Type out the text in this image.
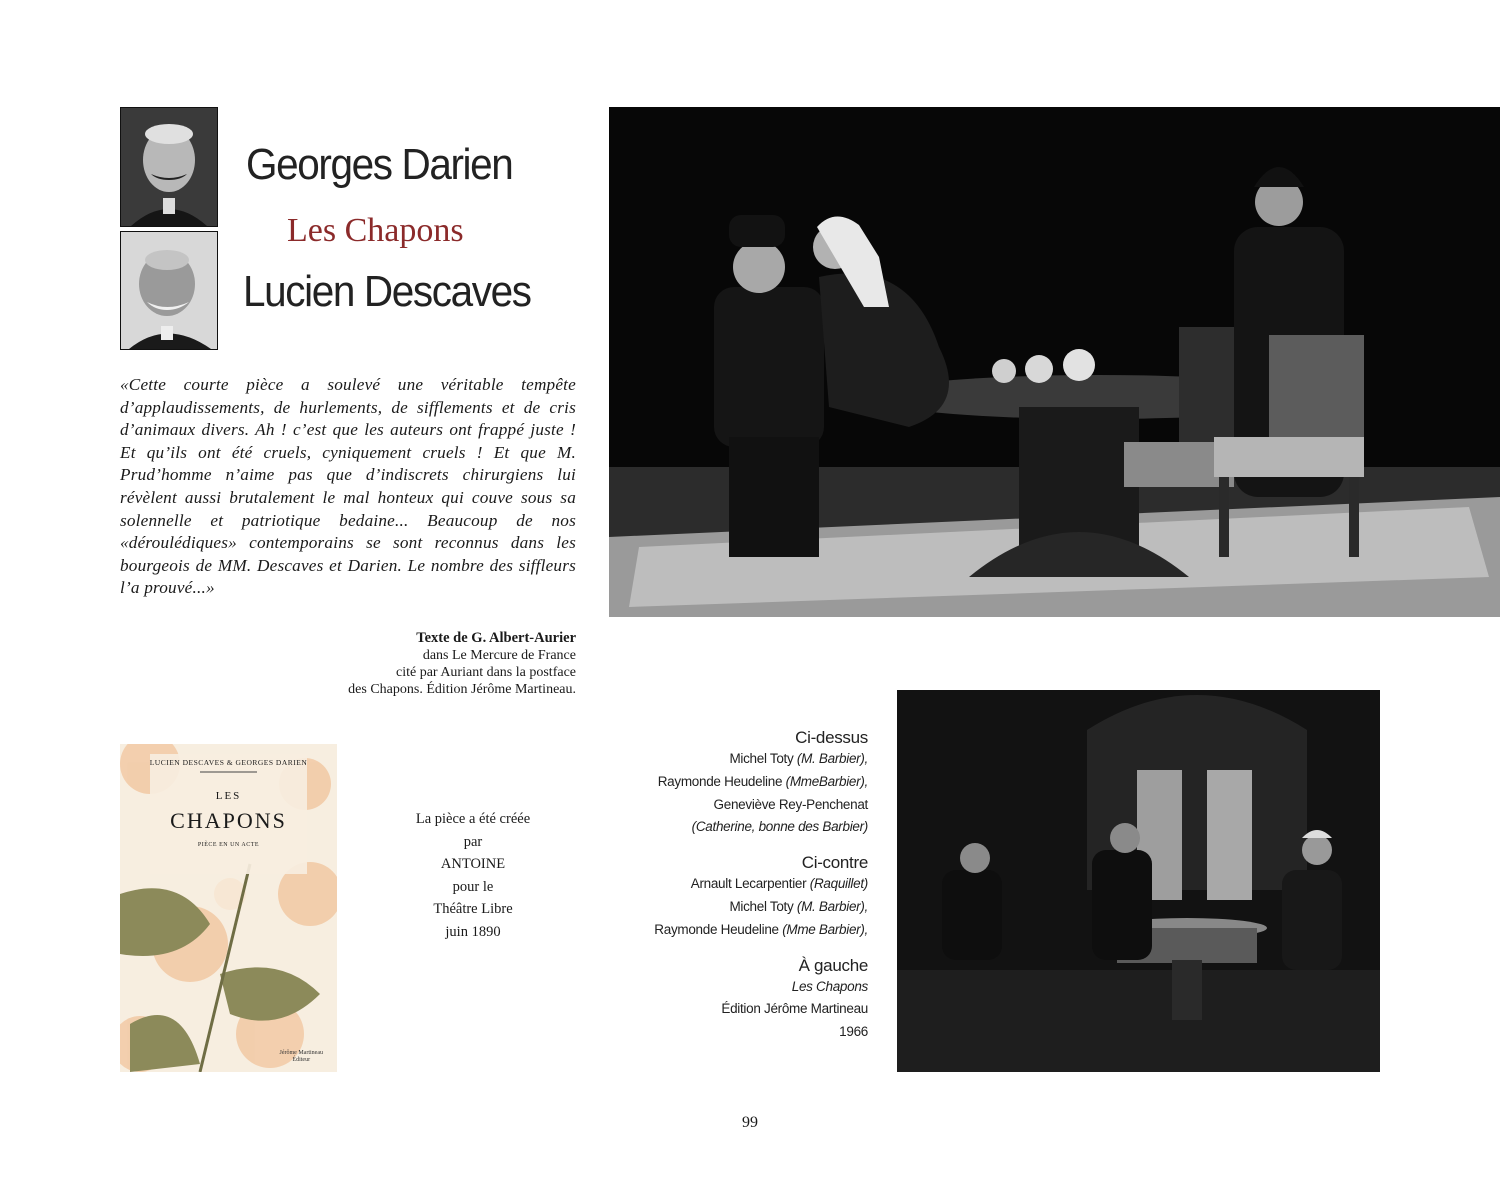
Georges Darien
Les Chapons
Lucien Descaves
«Cette courte pièce a soulevé une véritable tempête d’applaudissements, de hurlements, de sifflements et de cris d’animaux divers. Ah ! c’est que les auteurs ont frappé juste ! Et qu’ils ont été cruels, cyniquement cruels ! Et que M. Prud’homme n’aime pas que d’indiscrets chirurgiens lui révèlent aussi brutalement le mal honteux qui couve sous sa solennelle et patriotique bedaine... Beaucoup de nos «déroulédiques» contemporains se sont reconnus dans les bourgeois de MM. Descaves et Darien. Le nombre des siffleurs l’a prouvé...»
Texte de G. Albert-Aurier
dans Le Mercure de France
cité par Auriant dans la postface
des Chapons. Édition Jérôme Martineau.
LUCIEN DESCAVES & GEORGES DARIEN
LES
CHAPONS
PIÈCE EN UN ACTE
Jérôme Martineau
Éditeur
La pièce a été créée
par
ANTOINE
pour le
Théâtre Libre
juin 1890
Ci-dessus
Michel Toty (M. Barbier),
Raymonde Heudeline (MmeBarbier),
Geneviève Rey-Penchenat
(Catherine, bonne des Barbier)
Ci-contre
Arnault Lecarpentier (Raquillet)
Michel Toty (M. Barbier),
Raymonde Heudeline (Mme Barbier),
À gauche
Les Chapons
Édition Jérôme Martineau
1966
99
